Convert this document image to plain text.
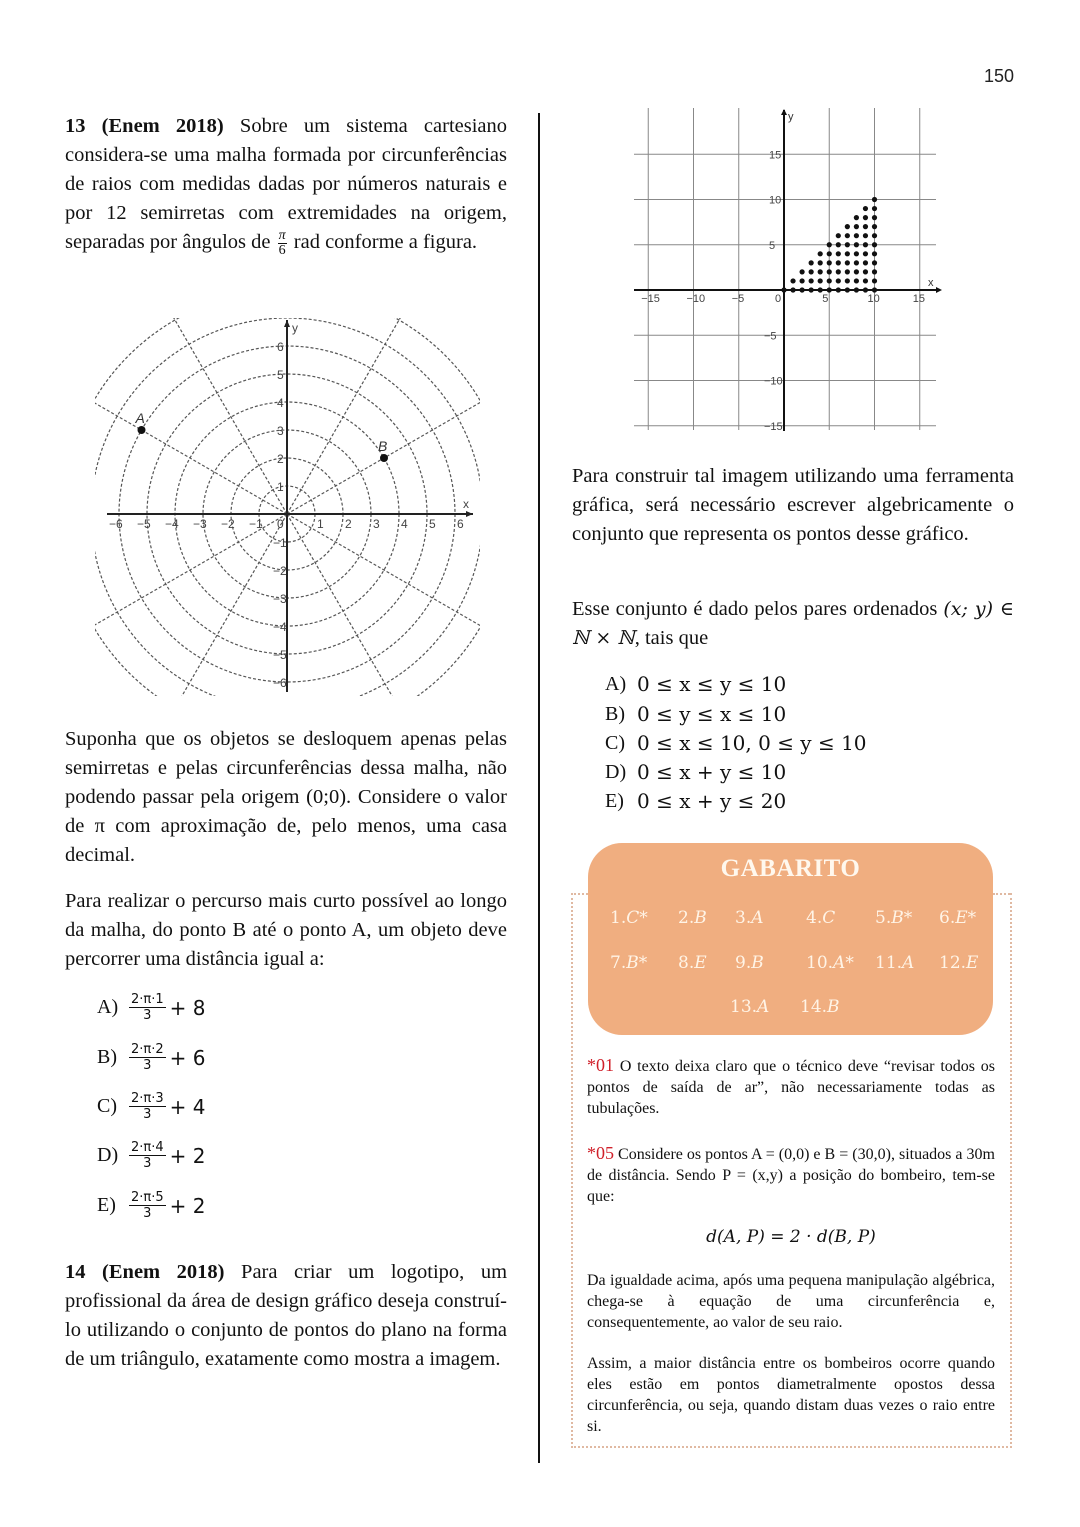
150

13 (Enem 2018) Sobre um sistema cartesiano considera-se uma malha formada por circunferências de raios com medidas dadas por números naturais e por 12 semirretas com extremidades na origem, separadas por ângulos de $\frac{\pi}{6}$ rad conforme a figura.

x
y
−6 −5 −4 −3 −2 −1 0	1 2 3 4 5 6
6
5
4
3
2
1
−1
−2
−3
−4
−5
−6
A
B

Suponha que os objetos se desloquem apenas pelas semirretas e pelas circunferências dessa malha, não podendo passar pela origem (0;0). Considere o valor de π com aproximação de, pelo menos, uma casa decimal.

Para realizar o percurso mais curto possível ao longo da malha, do ponto B até o ponto A, um objeto deve percorrer uma distância igual a:

$A) \frac{2\cdot\pi\cdot 1}{3} + 8$
$B) \frac{2\cdot\pi\cdot 2}{3} + 6$
$C) \frac{2\cdot\pi\cdot 3}{3} + 4$
$D) \frac{2\cdot\pi\cdot 4}{3} + 2$
E)	$\frac{2\cdot\pi\cdot 5}{3} + 2$

14 (Enem 2018) Para criar um logotipo, um profissional da área de design gráfico deseja construí-lo utilizando o conjunto de pontos do plano na forma de um triângulo, exatamente como mostra a imagem.

x
y
−15 −10 −5	0	5	10	15
15
10
5
−5
−10
−15

Para construir tal imagem utilizando uma ferramenta gráfica, será necessário escrever algebricamente o conjunto que representa os pontos desse gráfico.

Esse conjunto é dado pelos pares ordenados (x; y) ∈ ℕ × ℕ, tais que

A) 0 ≤ x ≤ y ≤ 10
B) 0 ≤ y ≤ x ≤ 10
C) 0 ≤ x ≤ 10, 0 ≤ y ≤ 10
D) 0 ≤ x + y ≤ 10
E) 0 ≤ x + y ≤ 20
GABARITO
1.C* 2.B 3.A 4.C 5.B* 6.E*
7.B* 8.E 9.B 10.A* 11.A 12.E
13.A 14.B
*01 O texto deixa claro que o técnico deve “revisar todos os pontos de saída de ar”, não necessariamente todas as tubulações.
*05 Considere os pontos A = (0,0) e B = (30,0), situados a 30m de distância. Sendo P = (x,y) a posição do bombeiro, tem-se que:
d(A, P) = 2 · d(B, P)
Da igualdade acima, após uma pequena manipulação algébrica, chega-se à equação de uma circunferência e, consequentemente, ao valor de seu raio.
Assim, a maior distância entre os bombeiros ocorre quando eles estão em pontos diametralmente opostos dessa circunferência, ou seja, quando distam duas vezes o raio entre si.
